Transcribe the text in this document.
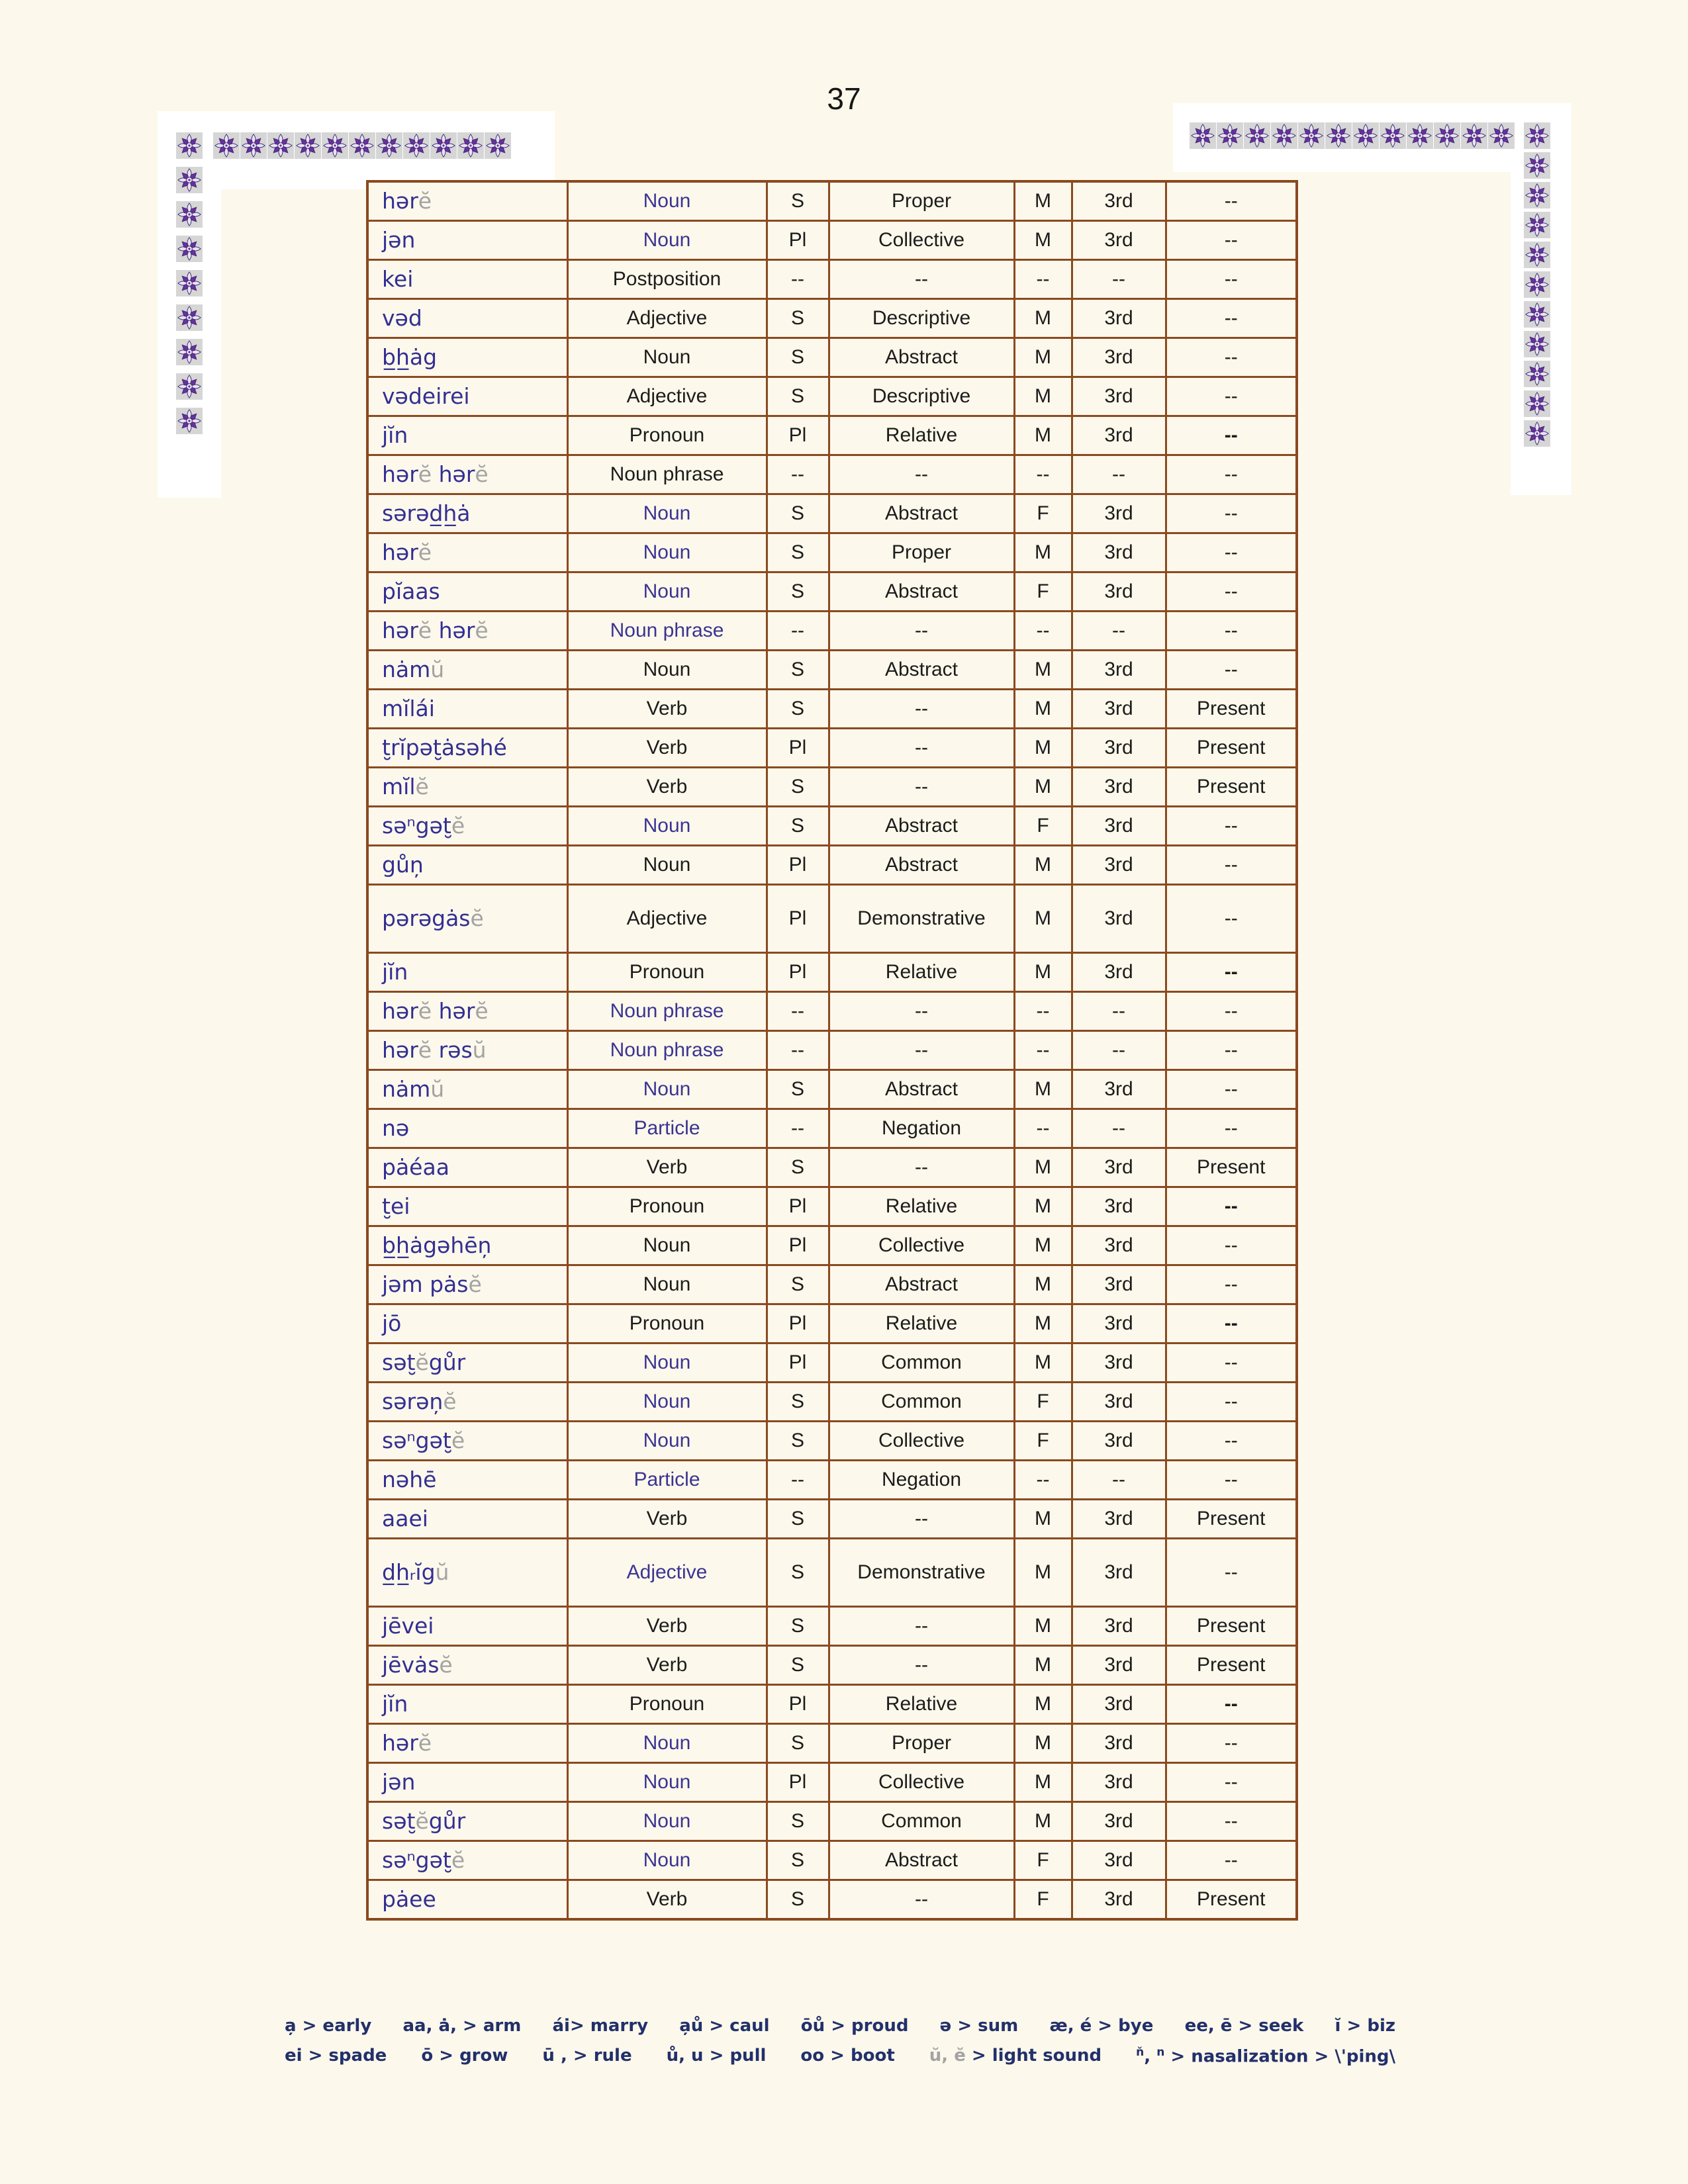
37
hərĕ	Noun	S	Proper	M	3rd	--
jən	Noun	Pl	Collective	M	3rd	--
kei	Postposition	--	--	--	--	--
vəd	Adjective	S	Descriptive	M	3rd	--
b̲h̲ȧg	Noun	S	Abstract	M	3rd	--
vədeirei	Adjective	S	Descriptive	M	3rd	--
jĭn	Pronoun	Pl	Relative	M	3rd	--
hərĕ hərĕ	Noun phrase	--	--	--	--	--
sərəd̲h̲ȧ	Noun	S	Abstract	F	3rd	--
hərĕ	Noun	S	Proper	M	3rd	--
pĭaas	Noun	S	Abstract	F	3rd	--
hərĕ hərĕ	Noun phrase	--	--	--	--	--
nȧmŭ	Noun	S	Abstract	M	3rd	--
mĭlái	Verb	S	--	M	3rd	Present
t̮rĭpət̮ȧsəhé	Verb	Pl	--	M	3rd	Present
mĭlĕ	Verb	S	--	M	3rd	Present
səⁿgət̮ĕ	Noun	S	Abstract	F	3rd	--
gůņ	Noun	Pl	Abstract	M	3rd	--
pərəgȧsĕ	Adjective	Pl	Demonstrative	M	3rd	--
jĭn	Pronoun	Pl	Relative	M	3rd	--
hərĕ hərĕ	Noun phrase	--	--	--	--	--
hərĕ rəsŭ	Noun phrase	--	--	--	--	--
nȧmŭ	Noun	S	Abstract	M	3rd	--
nə	Particle	--	Negation	--	--	--
pȧéaa	Verb	S	--	M	3rd	Present
t̮ei	Pronoun	Pl	Relative	M	3rd	--
b̲h̲ȧgəhēņ	Noun	Pl	Collective	M	3rd	--
jəm pȧsĕ	Noun	S	Abstract	M	3rd	--
jō	Pronoun	Pl	Relative	M	3rd	--
sət̮ĕgůr	Noun	Pl	Common	M	3rd	--
sərəņĕ	Noun	S	Common	F	3rd	--
səⁿgət̮ĕ	Noun	S	Collective	F	3rd	--
nəhē	Particle	--	Negation	--	--	--
aaei	Verb	S	--	M	3rd	Present
d̲h̲ᵣĭgŭ	Adjective	S	Demonstrative	M	3rd	--
jēvei	Verb	S	--	M	3rd	Present
jēvȧsĕ	Verb	S	--	M	3rd	Present
jĭn	Pronoun	Pl	Relative	M	3rd	--
hərĕ	Noun	S	Proper	M	3rd	--
jən	Noun	Pl	Collective	M	3rd	--
sət̮ĕgůr	Noun	S	Common	M	3rd	--
səⁿgət̮ĕ	Noun	S	Abstract	F	3rd	--
pȧee	Verb	S	--	F	3rd	Present
a̦ > early aa, ȧ, > arm ái> marry a̦ů > caul ōů > proud ə > sum æ, é > bye ee, ē > seek ĭ > biz
ei > spade ō > grow ū , > rule ů, u > pull oo > boot ŭ, ĕ > light sound	$^ň$, $^n$ > nasalization > \'ping\
